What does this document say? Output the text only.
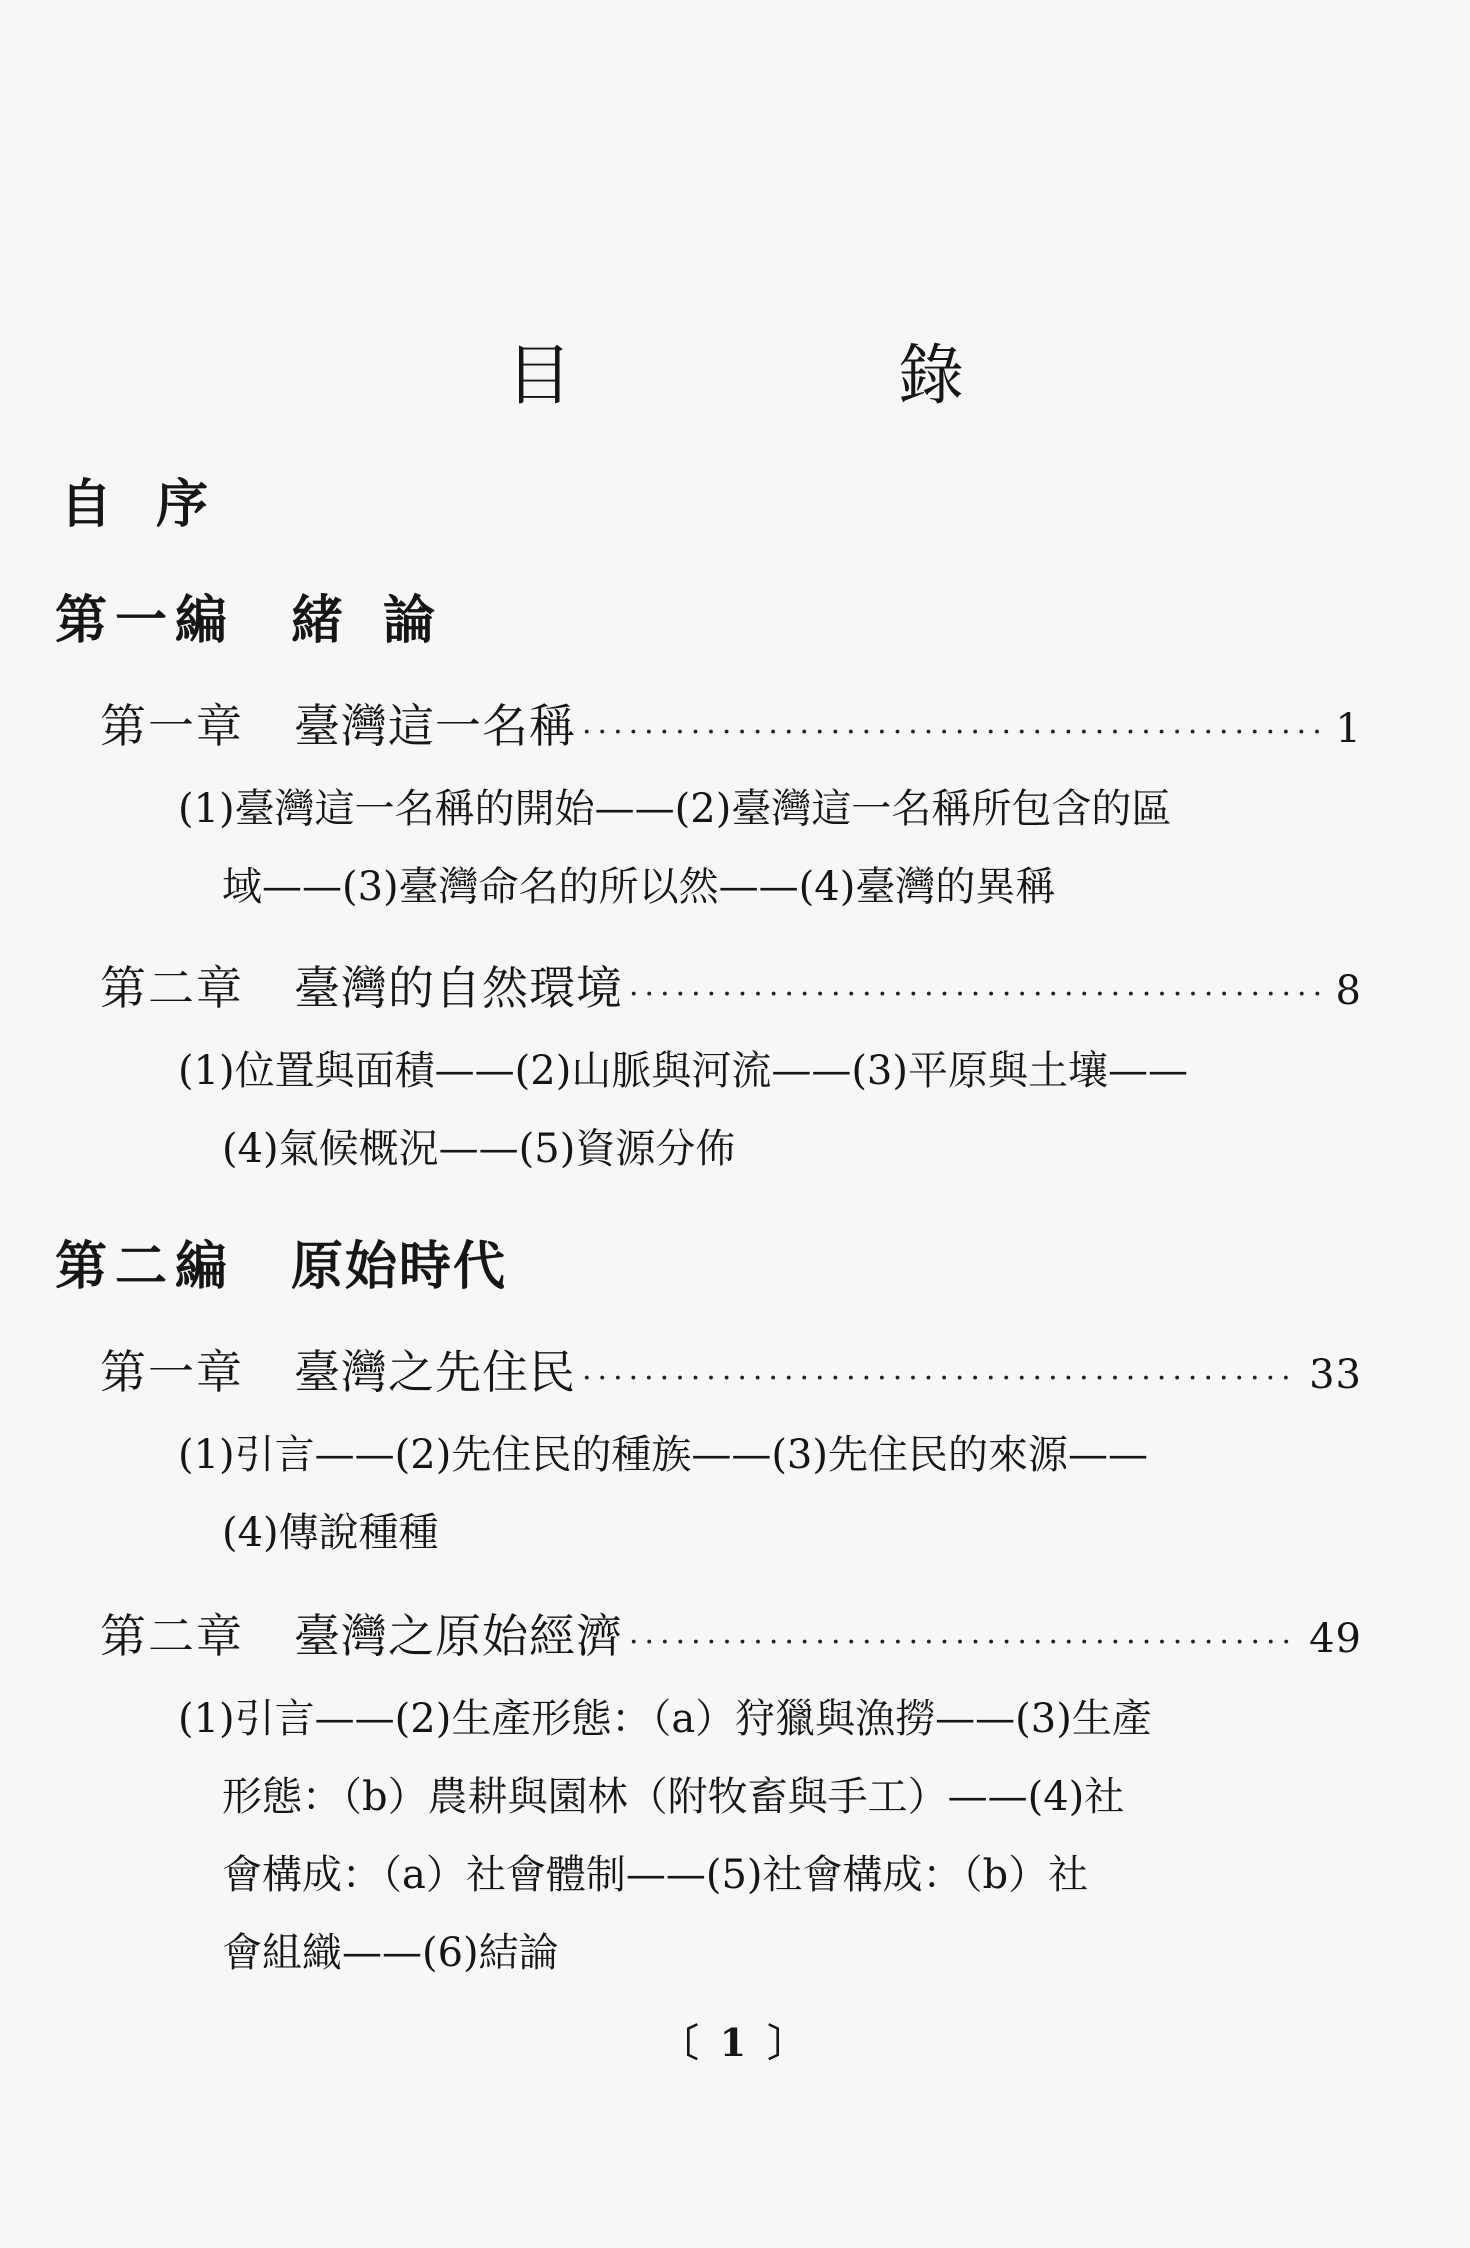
目　錄
自序
第一編 緒論
第一章 臺灣這一名稱 ·····	1
(1)臺灣這一名稱的開始——(2)臺灣這一名稱所包含的區
域——(3)臺灣命名的所以然——(4)臺灣的異稱
第二章 臺灣的自然環境 ·····	8
(1)位置與面積——(2)山脈與河流——(3)平原與土壤——
(4)氣候概況——(5)資源分佈
第二編 原始時代
第一章 臺灣之先住民 ·····	33
(1)引言——(2)先住民的種族——(3)先住民的來源——
(4)傳說種種
第二章 臺灣之原始經濟 ·····	49
(1)引言——(2)生產形態：（a）狩獵與漁撈——(3)生產
形態：（b）農耕與園林（附牧畜與手工）——(4)社
會構成：（a）社會體制——(5)社會構成：（b）社
會組織——(6)結論
〔 1 〕
